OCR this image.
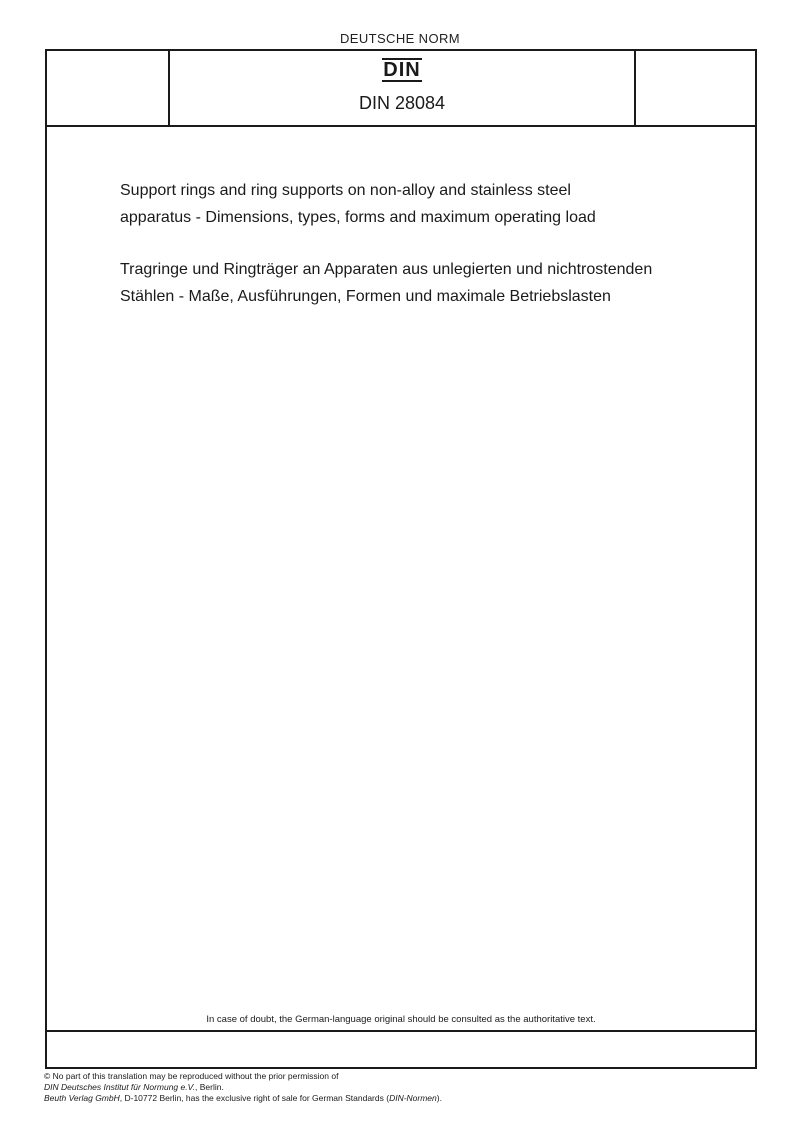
DEUTSCHE NORM
DIN
DIN 28084
Support rings and ring supports on non-alloy and stainless steel
apparatus - Dimensions, types, forms and maximum operating load
Tragringe und Ringträger an Apparaten aus unlegierten und nichtrostenden
Stählen - Maße, Ausführungen, Formen und maximale Betriebslasten
In case of doubt, the German-language original should be consulted as the authoritative text.
© No part of this translation may be reproduced without the prior permission of
DIN Deutsches Institut für Normung e.V., Berlin.
Beuth Verlag GmbH, D-10772 Berlin, has the exclusive right of sale for German Standards (DIN-Normen).
